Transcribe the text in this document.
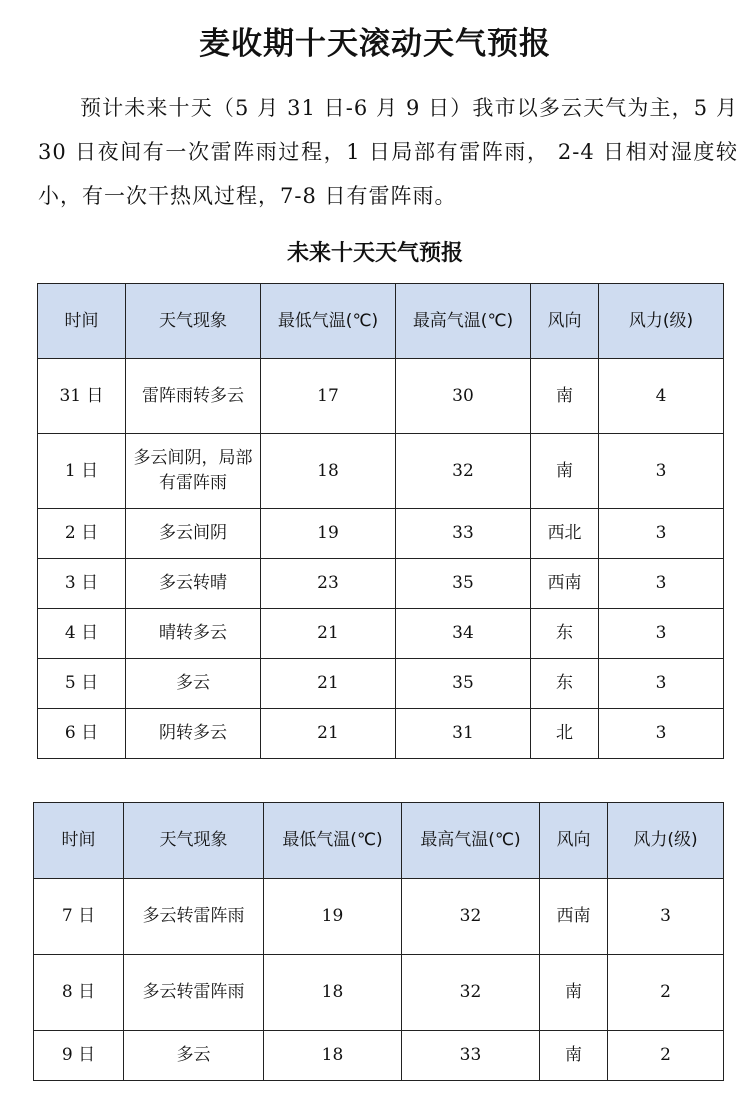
麦收期十天滚动天气预报

预计未来十天（5 月 31 日-6 月 9 日）我市以多云天气为主，5 月 30 日夜间有一次雷阵雨过程，1 日局部有雷阵雨， 2-4 日相对湿度较小，有一次干热风过程，7-8 日有雷阵雨。

未来十天天气预报
时间	天气现象	最低气温(℃)	最高气温(℃)	风向	风力(级)
31 日	雷阵雨转多云	17	30	南	4
1 日	多云间阴，局部有雷阵雨	18	32	南	3
2 日	多云间阴	19	33	西北	3
3 日	多云转晴	23	35	西南	3
4 日	晴转多云	21	34	东	3
5 日	多云	21	35	东	3
6 日	阴转多云	21	31	北	3
时间	天气现象	最低气温(℃)	最高气温(℃)	风向	风力(级)
7 日	多云转雷阵雨	19	32	西南	3
8 日	多云转雷阵雨	18	32	南	2
9 日	多云	18	33	南	2
